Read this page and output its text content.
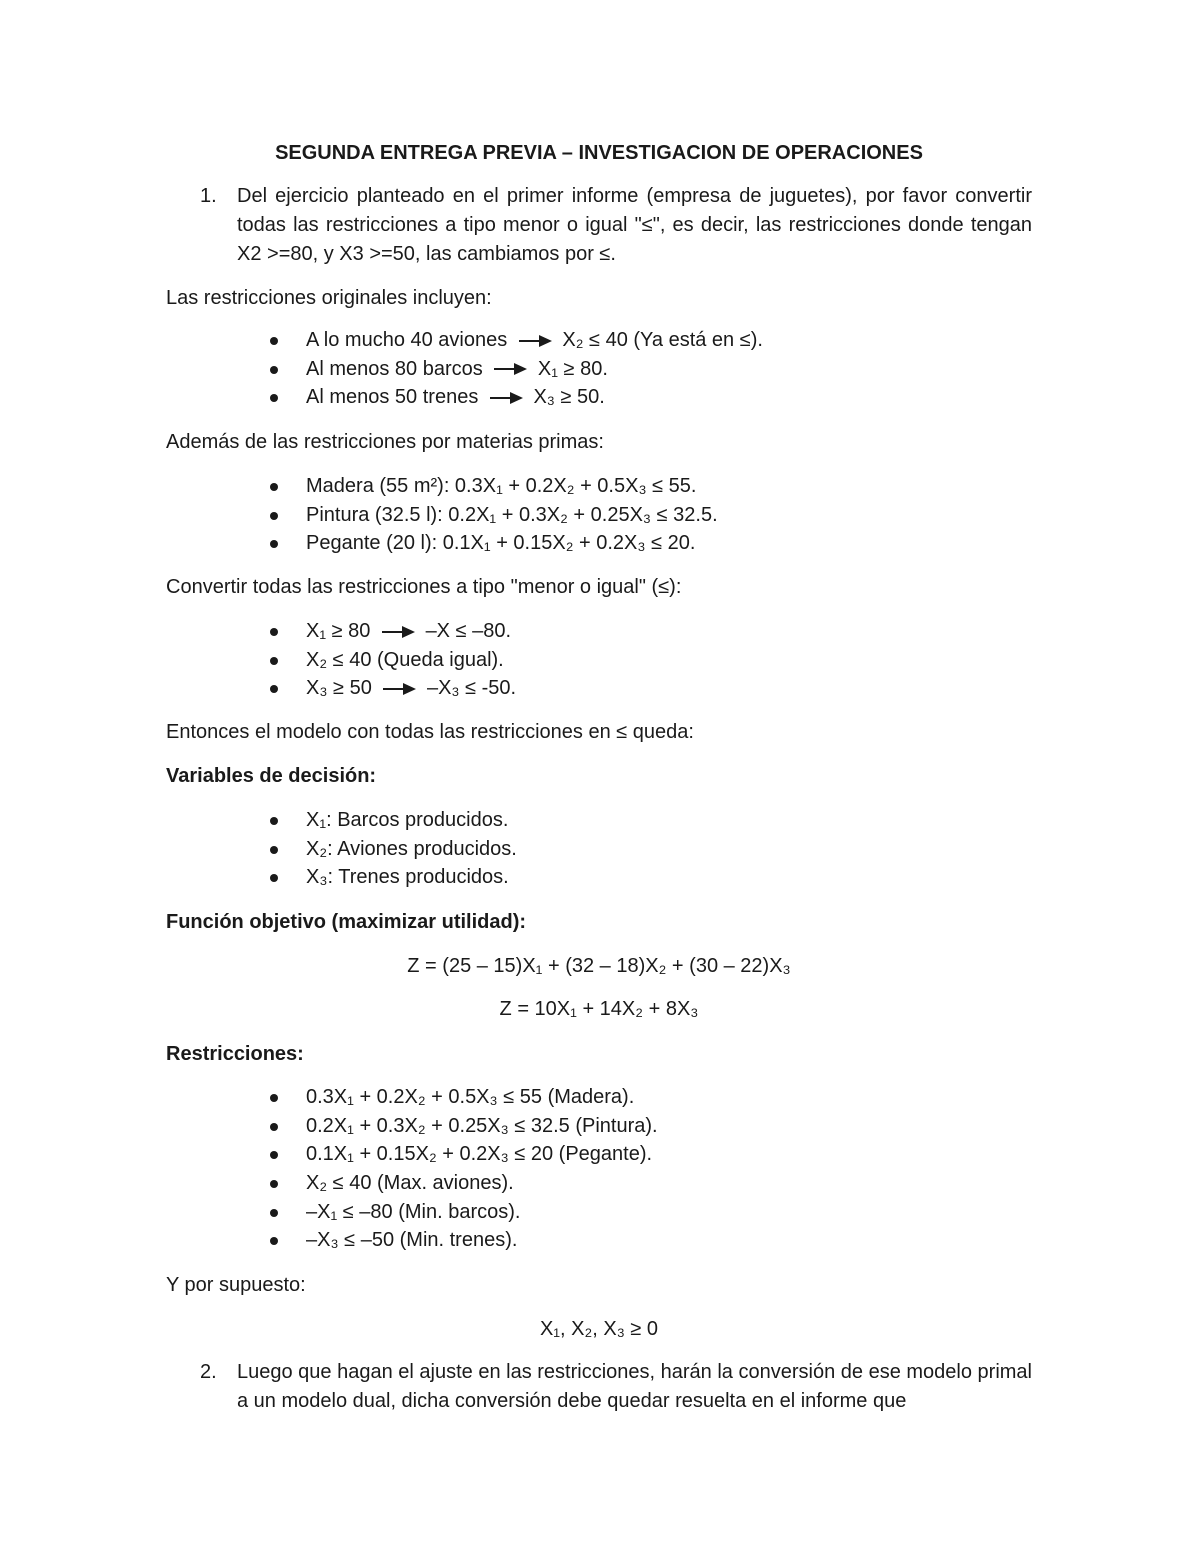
SEGUNDA ENTREGA PREVIA – INVESTIGACION DE OPERACIONES
1. Del ejercicio planteado en el primer informe (empresa de juguetes), por favor convertir todas las restricciones a tipo menor o igual "≤", es decir, las restricciones donde tengan X2 >=80, y X3 >=50, las cambiamos por ≤.
Las restricciones originales incluyen:
A lo mucho 40 aviones	X₂ ≤ 40 (Ya está en ≤).
Al menos 80 barcos	X₁ ≥ 80.
Al menos 50 trenes	X₃ ≥ 50.
Además de las restricciones por materias primas:
Madera (55 m²): 0.3X₁ + 0.2X₂ + 0.5X₃ ≤ 55.
Pintura (32.5 l): 0.2X₁ + 0.3X₂ + 0.25X₃ ≤ 32.5.
Pegante (20 l): 0.1X₁ + 0.15X₂ + 0.2X₃ ≤ 20.
Convertir todas las restricciones a tipo "menor o igual" (≤):
X₁ ≥ 80	–X ≤ –80.
X₂ ≤ 40 (Queda igual).
X₃ ≥ 50	–X₃ ≤ -50.
Entonces el modelo con todas las restricciones en ≤ queda:
Variables de decisión:
X₁: Barcos producidos.
X₂: Aviones producidos.
X₃: Trenes producidos.
Función objetivo (maximizar utilidad):
Z = (25 – 15)X₁ + (32 – 18)X₂ + (30 – 22)X₃
Z = 10X₁ + 14X₂ + 8X₃
Restricciones:
0.3X₁ + 0.2X₂ + 0.5X₃ ≤ 55 (Madera).
0.2X₁ + 0.3X₂ + 0.25X₃ ≤ 32.5 (Pintura).
0.1X₁ + 0.15X₂ + 0.2X₃ ≤ 20 (Pegante).
X₂ ≤ 40 (Max. aviones).
–X₁ ≤ –80 (Min. barcos).
–X₃ ≤ –50 (Min. trenes).
Y por supuesto:
X₁, X₂, X₃ ≥ 0
2. Luego que hagan el ajuste en las restricciones, harán la conversión de ese modelo primal a un modelo dual, dicha conversión debe quedar resuelta en el informe que
